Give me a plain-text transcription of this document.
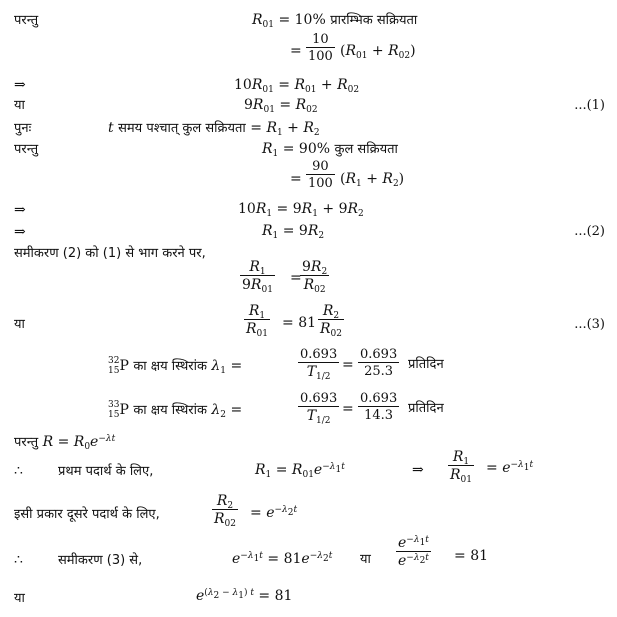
परन्तु	$R_{01} = 10\%$ प्रारम्भिक सक्रियता
= $\frac{10}{100} (R_{01} + R_{02})$
⇒	$10R_{01} = R_{01} + R_{02}$
या	$9R_{01} = R_{02}$	...(1)
पुनः	t समय पश्चात् कुल सक्रियता = $R_1 + R_2$
परन्तु	$R_1 = 90\%$ कुल सक्रियता
= $\frac{90}{100} (R_1 + R_2)$
⇒	$10R_1 = 9R_1 + 9R_2$
⇒	$R_1 = 9R_2$	...(2)
समीकरण (2) को (1) से भाग करने पर,
$\frac{R_1}{9R_{01}}$ =
$\frac{9R_2}{R_{02}}$
या	$\frac{R_1}{R_{01}} = 81 \frac{R_2}{R_{02}}$	...(3)
32
15 P का क्षय स्थिरांक $\lambda_1$ =	$\frac{0.693}{T_{1/2}} = \frac{0.693}{25.3}$ प्रतिदिन
33
15 P का क्षय स्थिरांक $\lambda_2$ =	$\frac{0.693}{T_{1/2}} = \frac{0.693}{14.3}$ प्रतिदिन
परन्तु $R = R_0e^{-\lambda t}$
∴	प्रथम पदार्थ के लिए,	$R_1 = R_{01}e^{-\lambda_1t}$	⇒ $\frac{R_1}{R_{01}} = e^{-\lambda_1t}$
इसी प्रकार दूसरे पदार्थ के लिए,	$\frac{R_2}{R_{02}} = e^{-\lambda_2t}$
∴	समीकरण (3) से,	$e^{-\lambda_1t} = 81e^{-\lambda_2t}$ या $\frac{e^{-\lambda_1t}}{e^{-\lambda_2t}} = 81$
या	$e^{(\lambda_2 - \lambda_1) t} = 81$
